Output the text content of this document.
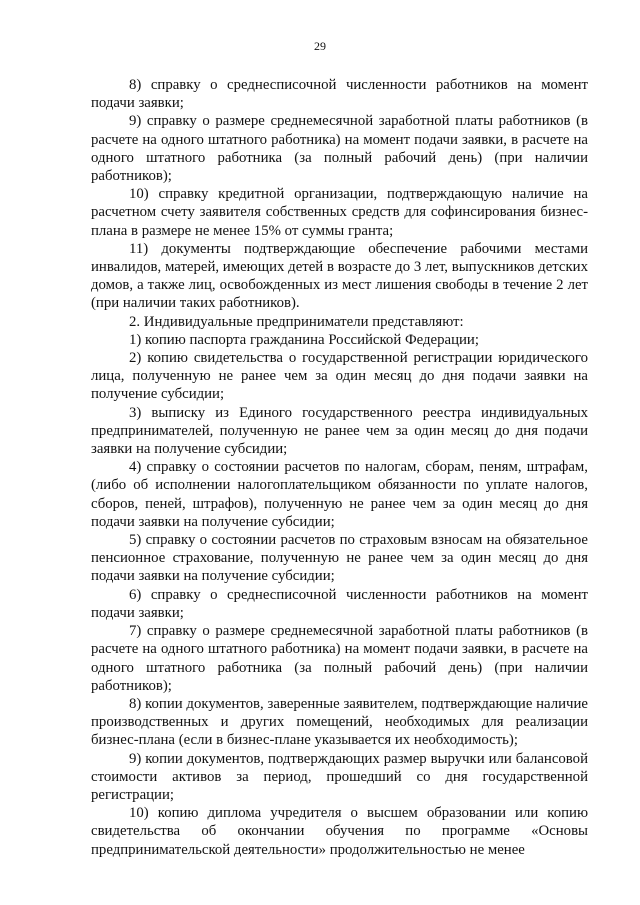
29

8) справку о среднесписочной численности работников на момент подачи заявки;

9) справку о размере среднемесячной заработной платы работников (в расчете на одного штатного работника) на момент подачи заявки, в расчете на одного штатного работника (за полный рабочий день) (при наличии работников);

10) справку кредитной организации, подтверждающую наличие на расчетном счету заявителя собственных средств для софинсирования бизнес-плана в размере не менее 15% от суммы гранта;

11) документы подтверждающие обеспечение рабочими местами инвалидов, матерей, имеющих детей в возрасте до 3 лет, выпускников детских домов, а также лиц, освобожденных из мест лишения свободы в течение 2 лет (при наличии таких работников).

2. Индивидуальные предприниматели представляют:

1) копию паспорта гражданина Российской Федерации;

2) копию свидетельства о государственной регистрации юридического лица, полученную не ранее чем за один месяц до дня подачи заявки на получение субсидии;

3) выписку из Единого государственного реестра индивидуальных предпринимателей, полученную не ранее чем за один месяц до дня подачи заявки на получение субсидии;

4) справку о состоянии расчетов по налогам, сборам, пеням, штрафам, (либо об исполнении налогоплательщиком обязанности по уплате налогов, сборов, пеней, штрафов), полученную не ранее чем за один месяц до дня подачи заявки на получение субсидии;

5) справку о состоянии расчетов по страховым взносам на обязательное пенсионное страхование, полученную не ранее чем за один месяц до дня подачи заявки на получение субсидии;

6) справку о среднесписочной численности работников на момент подачи заявки;

7) справку о размере среднемесячной заработной платы работников (в расчете на одного штатного работника) на момент подачи заявки, в расчете на одного штатного работника (за полный рабочий день) (при наличии работников);

8) копии документов, заверенные заявителем, подтверждающие наличие производственных и других помещений, необходимых для реализации бизнес-плана (если в бизнес-плане указывается их необходимость);

9) копии документов, подтверждающих размер выручки или балансовой стоимости активов за период, прошедший со дня государственной регистрации;

10) копию диплома учредителя о высшем образовании или копию свидетельства об окончании обучения по программе «Основы предпринимательской деятельности» продолжительностью не менее
